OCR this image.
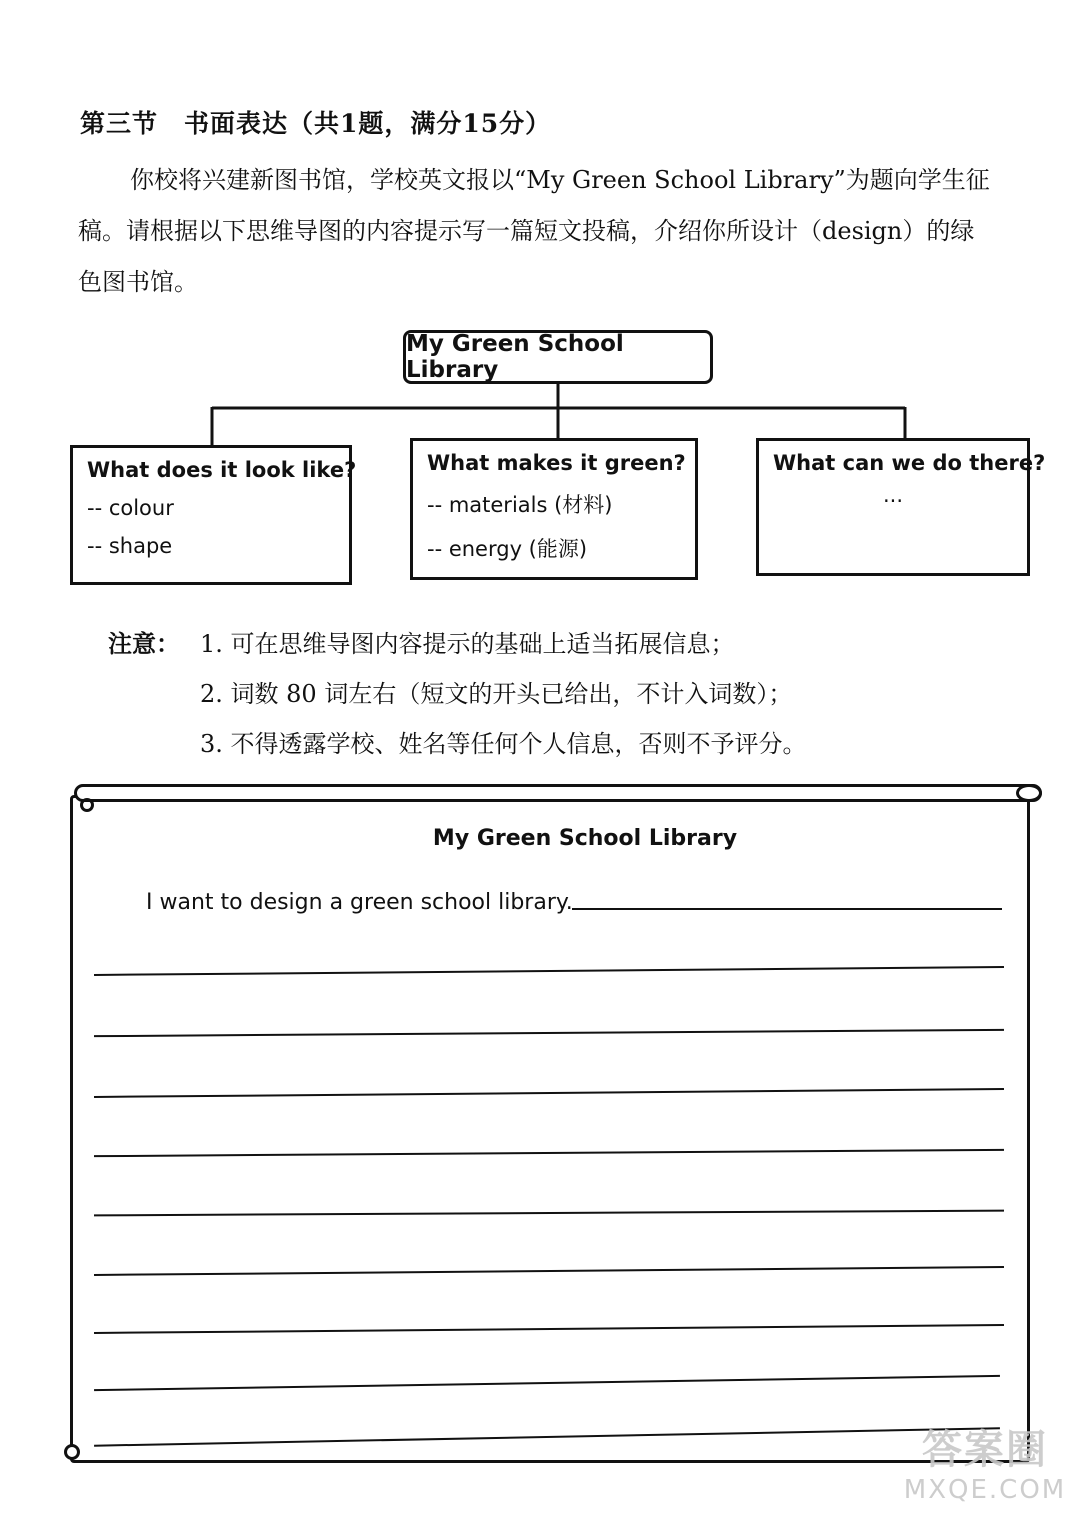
第三节　书面表达（共1题，满分15分）
你校将兴建新图书馆，学校英文报以“My Green School Library”为题向学生征
稿。请根据以下思维导图的内容提示写一篇短文投稿，介绍你所设计（design）的绿
色图书馆。
My Green School Library
What does it look like?
-- colour
-- shape
What makes it green?
-- materials (材料)
-- energy (能源)
What can we do there?
...
注意： 1. 可在思维导图内容提示的基础上适当拓展信息；
2. 词数 80 词左右（短文的开头已给出，不计入词数）；
3. 不得透露学校、姓名等任何个人信息，否则不予评分。
My Green School Library
I want to design a green school library.
答案圈
MXQE.COM
